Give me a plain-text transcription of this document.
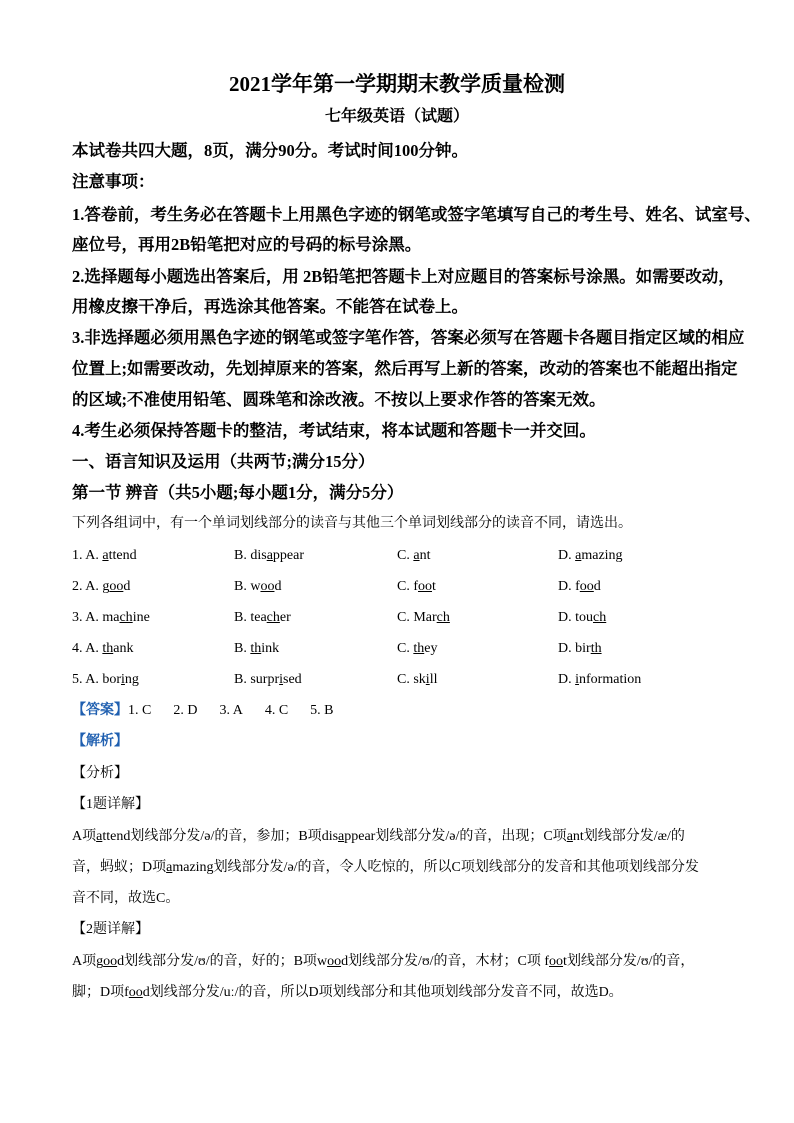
2021学年第一学期期末教学质量检测
七年级英语（试题）
本试卷共四大题，8页，满分90分。考试时间100分钟。
注意事项：
1.答卷前，考生务必在答题卡上用黑色字迹的钢笔或签字笔填写自己的考生号、姓名、试室号、
座位号，再用2B铅笔把对应的号码的标号涂黑。
2.选择题每小题选出答案后，用 2B铅笔把答题卡上对应题目的答案标号涂黑。如需要改动，
用橡皮擦干净后，再选涂其他答案。不能答在试卷上。
3.非选择题必须用黑色字迹的钢笔或签字笔作答，答案必须写在答题卡各题目指定区域的相应
位置上;如需要改动，先划掉原来的答案，然后再写上新的答案，改动的答案也不能超出指定
的区域;不准使用铅笔、圆珠笔和涂改液。不按以上要求作答的答案无效。
4.考生必须保持答题卡的整洁，考试结束，将本试题和答题卡一并交回。
一、语言知识及运用（共两节;满分15分）
第一节 辨音（共5小题;每小题1分，满分5分）
下列各组词中，有一个单词划线部分的读音与其他三个单词划线部分的读音不同，请选出。
1. A. attend	B. disappear	C. ant	D. amazing
2. A. good	B. wood	C. foot	D. food
3. A. machine	B. teacher	C. March	D. touch
4. A. thank	B. think	C. they	D. birth
5. A. boring	B. surprised	C. skill	D. information
【答案】1. C 2. D 3. A 4. C 5. B
【解析】
【分析】
【1题详解】
A项attend划线部分发/ə/的音，参加；B项disappear划线部分发/ə/的音，出现；C项ant划线部分发/æ/的
音，蚂蚁；D项amazing划线部分发/ə/的音，令人吃惊的，所以C项划线部分的发音和其他项划线部分发
音不同，故选C。
【2题详解】
A项good划线部分发/ʊ/的音，好的；B项wood划线部分发/ʊ/的音，木材；C项 foot划线部分发/ʊ/的音，
脚；D项food划线部分发/uː/的音，所以D项划线部分和其他项划线部分发音不同，故选D。
